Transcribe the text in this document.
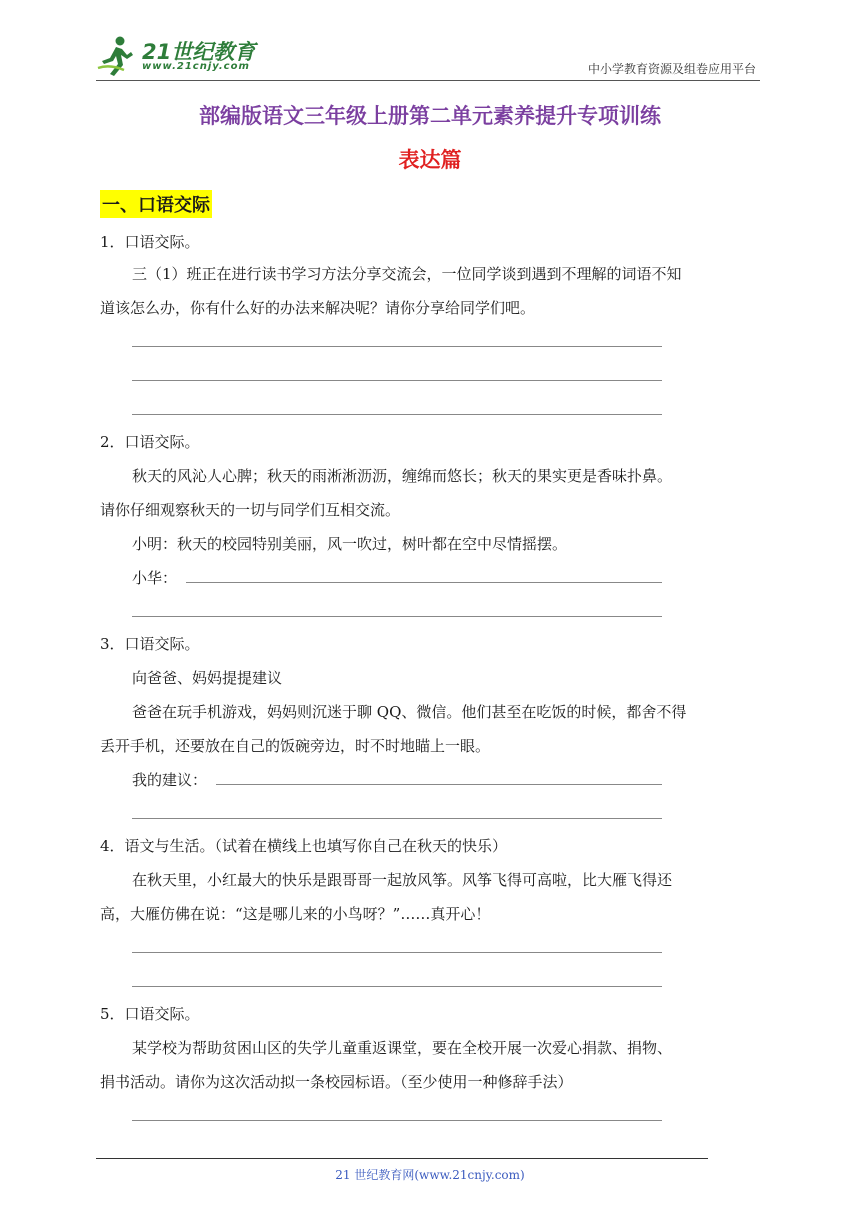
21世纪教育
www.21cnjy.com	中小学教育资源及组卷应用平台
部编版语文三年级上册第二单元素养提升专项训练
表达篇
一、口语交际
1．口语交际。
三（1）班正在进行读书学习方法分享交流会，一位同学谈到遇到不理解的词语不知
道该怎么办，你有什么好的办法来解决呢？请你分享给同学们吧。
2．口语交际。
秋天的风沁人心脾；秋天的雨淅淅沥沥，缠绵而悠长；秋天的果实更是香味扑鼻。
请你仔细观察秋天的一切与同学们互相交流。
小明：秋天的校园特别美丽，风一吹过，树叶都在空中尽情摇摆。
小华：
3．口语交际。
向爸爸、妈妈提提建议
爸爸在玩手机游戏，妈妈则沉迷于聊 QQ、微信。他们甚至在吃饭的时候，都舍不得
丢开手机，还要放在自己的饭碗旁边，时不时地瞄上一眼。
我的建议：
4．语文与生活。（试着在横线上也填写你自己在秋天的快乐）
在秋天里，小红最大的快乐是跟哥哥一起放风筝。风筝飞得可高啦，比大雁飞得还
高，大雁仿佛在说：“这是哪儿来的小鸟呀？”……真开心！
5．口语交际。
某学校为帮助贫困山区的失学儿童重返课堂，要在全校开展一次爱心捐款、捐物、
捐书活动。请你为这次活动拟一条校园标语。（至少使用一种修辞手法）
21 世纪教育网(www.21cnjy.com)
